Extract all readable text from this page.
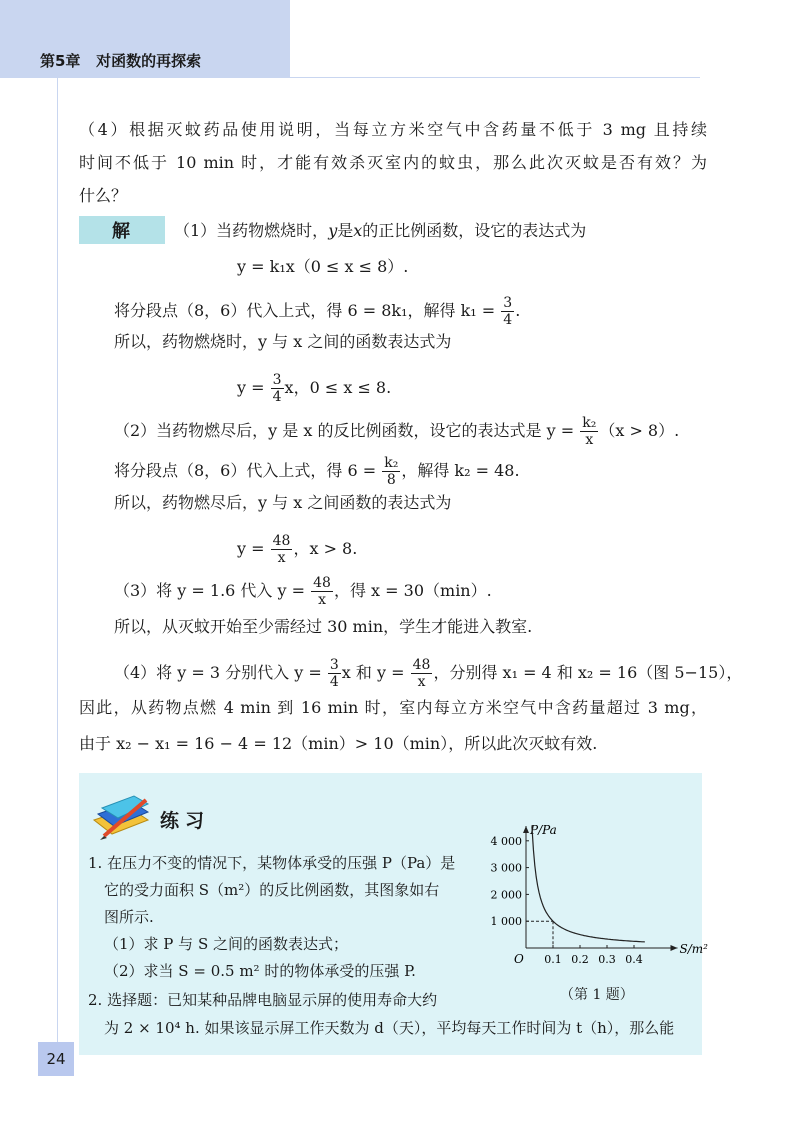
第5章 对函数的再探索
（4）根据灭蚊药品使用说明，当每立方米空气中含药量不低于 3 mg 且持续
时间不低于 10 min 时，才能有效杀灭室内的蚊虫，那么此次灭蚊是否有效？为
什么？
解	（1）当药物燃烧时，y是x的正比例函数，设它的表达式为
y = k₁x（0 ≤ x ≤ 8）.
将分段点（8，6）代入上式，得 6 = 8k₁，解得 $k_1 = \frac{3}{4}$ .
所以，药物燃烧时，y 与 x 之间的函数表达式为
$y = \frac{3}{4}$ x，0 ≤ x ≤ 8.
（2）当药物燃尽后，y 是 x 的反比例函数，设它的表达式是 $y = \frac{\text{k₂}}{x} (x > 8)$.
将分段点（8，6）代入上式，得 $6 = \frac{\text{k₂}}{8}$ ，解得 k₂ = 48.
所以，药物燃尽后，y 与 x 之间函数的表达式为
$y = \frac{48}{x}$ ，x > 8.
（3）将 y = 1.6 代入 $y = \frac{48}{x}$ ，得 x = 30（min）.
所以，从灭蚊开始至少需经过 30 min，学生才能进入教室.
（4）将 y = 3 分别代入 $y = \frac{3}{4}$ x 和 $y = \frac{48}{x}$ ，分别得 x₁ = 4 和 x₂ = 16（图 5−15），
因此，从药物点燃 4 min 到 16 min 时，室内每立方米空气中含药量超过 3 mg，
由于 x₂ − x₁ = 16 − 4 = 12（min）> 10（min），所以此次灭蚊有效.
练习
1. 在压力不变的情况下，某物体承受的压强 P（Pa）是
它的受力面积 S（m²）的反比例函数，其图象如右
图所示.
（1）求 P 与 S 之间的函数表达式；
（2）求当 S = 0.5 m² 时的物体承受的压强 P.
2. 选择题：已知某种品牌电脑显示屏的使用寿命大约
为 2 × 10⁴ h. 如果该显示屏工作天数为 d（天），平均每天工作时间为 t（h），那么能
P/Pa
S/m²
O 0.1 0.2 0.3 0.4
1 000
2 000
3 000
4 000
（第 1 题）
24
